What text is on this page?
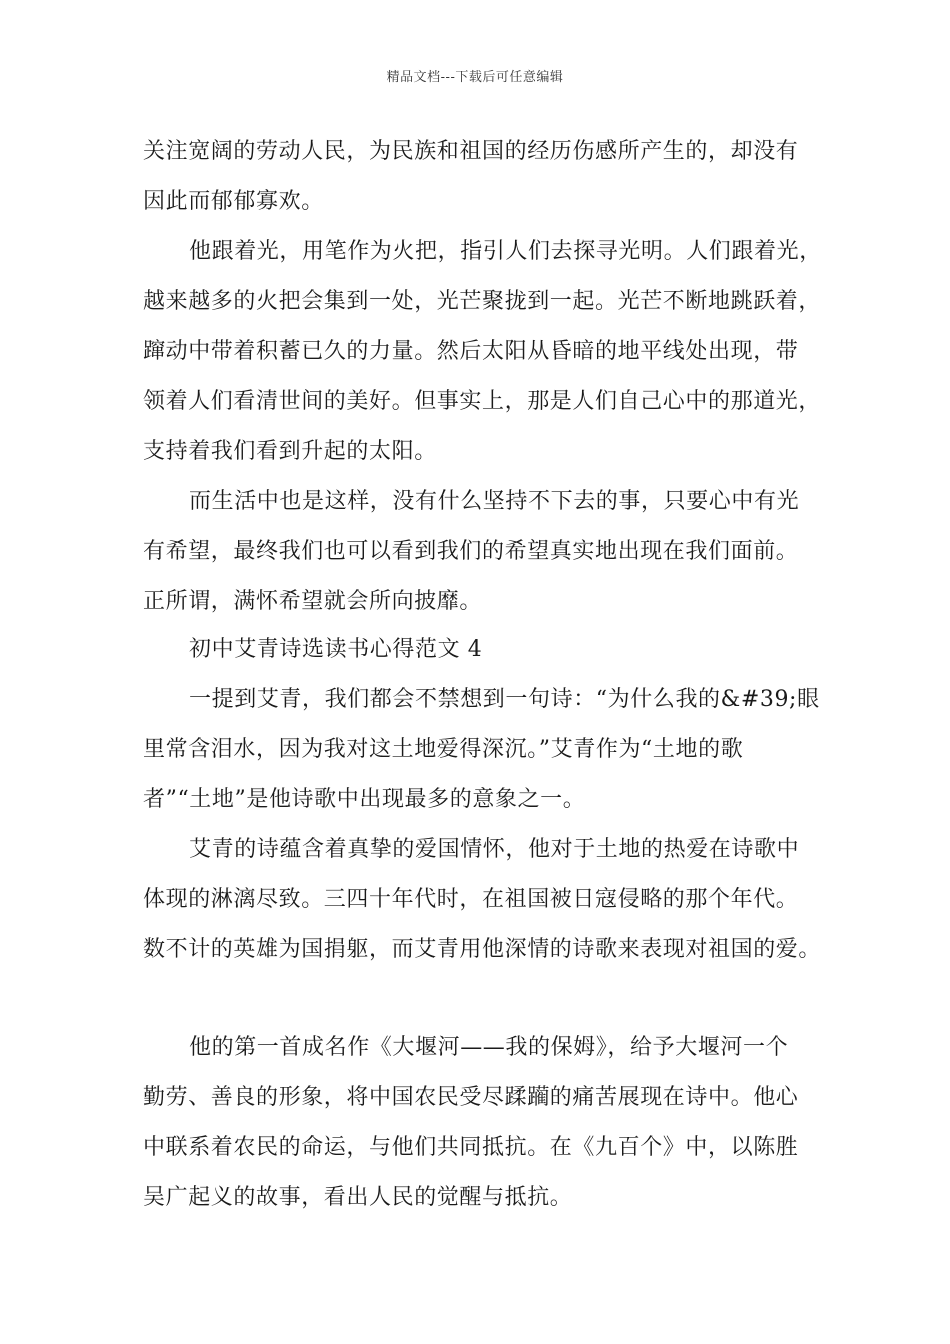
精品文档---下载后可任意编辑
关注宽阔的劳动人民，为民族和祖国的经历伤感所产生的，却没有
因此而郁郁寡欢。
他跟着光，用笔作为火把，指引人们去探寻光明。人们跟着光，
越来越多的火把会集到一处，光芒聚拢到一起。光芒不断地跳跃着，
蹿动中带着积蓄已久的力量。然后太阳从昏暗的地平线处出现，带
领着人们看清世间的美好。但事实上，那是人们自己心中的那道光，
支持着我们看到升起的太阳。
而生活中也是这样，没有什么坚持不下去的事，只要心中有光
有希望，最终我们也可以看到我们的希望真实地出现在我们面前。
正所谓，满怀希望就会所向披靡。
初中艾青诗选读书心得范文 4
一提到艾青，我们都会不禁想到一句诗：“为什么我的&#39;眼
里常含泪水，因为我对这土地爱得深沉。”艾青作为“土地的歌
者”“土地”是他诗歌中出现最多的意象之一。
艾青的诗蕴含着真挚的爱国情怀，他对于土地的热爱在诗歌中
体现的淋漓尽致。三四十年代时，在祖国被日寇侵略的那个年代。
数不计的英雄为国捐躯，而艾青用他深情的诗歌来表现对祖国的爱。
他的第一首成名作《大堰河——我的保姆》，给予大堰河一个
勤劳、善良的形象，将中国农民受尽蹂躏的痛苦展现在诗中。他心
中联系着农民的命运，与他们共同抵抗。在《九百个》中，以陈胜
吴广起义的故事，看出人民的觉醒与抵抗。
